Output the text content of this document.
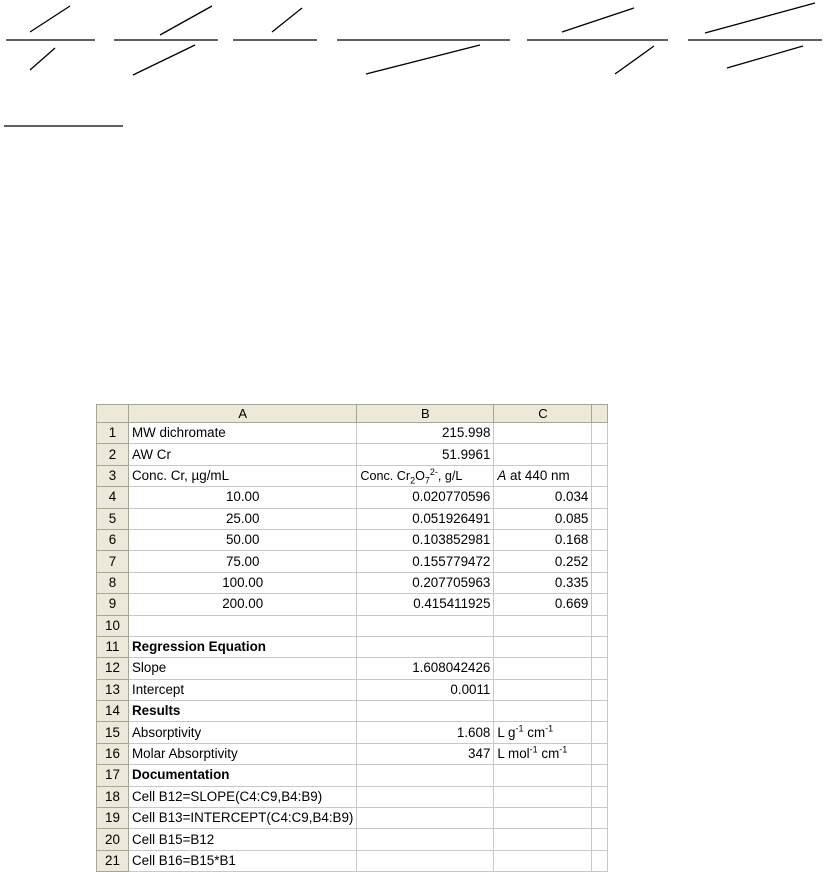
	A	B	C	
1	MW dichromate	215.998		
2	AW Cr	51.9961		
3	Conc. Cr, µg/mL	Conc. $Cr_2O_7^{2-}$, g/L	A at 440 nm	
4	10.00	0.020770596	0.034	
5	25.00	0.051926491	0.085	
6	50.00	0.103852981	0.168	
7	75.00	0.155779472	0.252	
8	100.00	0.207705963	0.335	
9	200.00	0.415411925	0.669	
10				
11	Regression Equation			
12	Slope	1.608042426		
13	Intercept	0.0011		
14	Results			
15	Absorptivity	1.608	L $g^{-1}$ $cm^{-1}$	
16	Molar Absorptivity	347	L mol$^{-1}$ $cm^{-1}$	
17	Documentation			
18	Cell B12=SLOPE(C4:C9,B4:B9)			
19	Cell B13=INTERCEPT(C4:C9,B4:B9)			
20	Cell B15=B12			
21	Cell B16=B15*B1			
